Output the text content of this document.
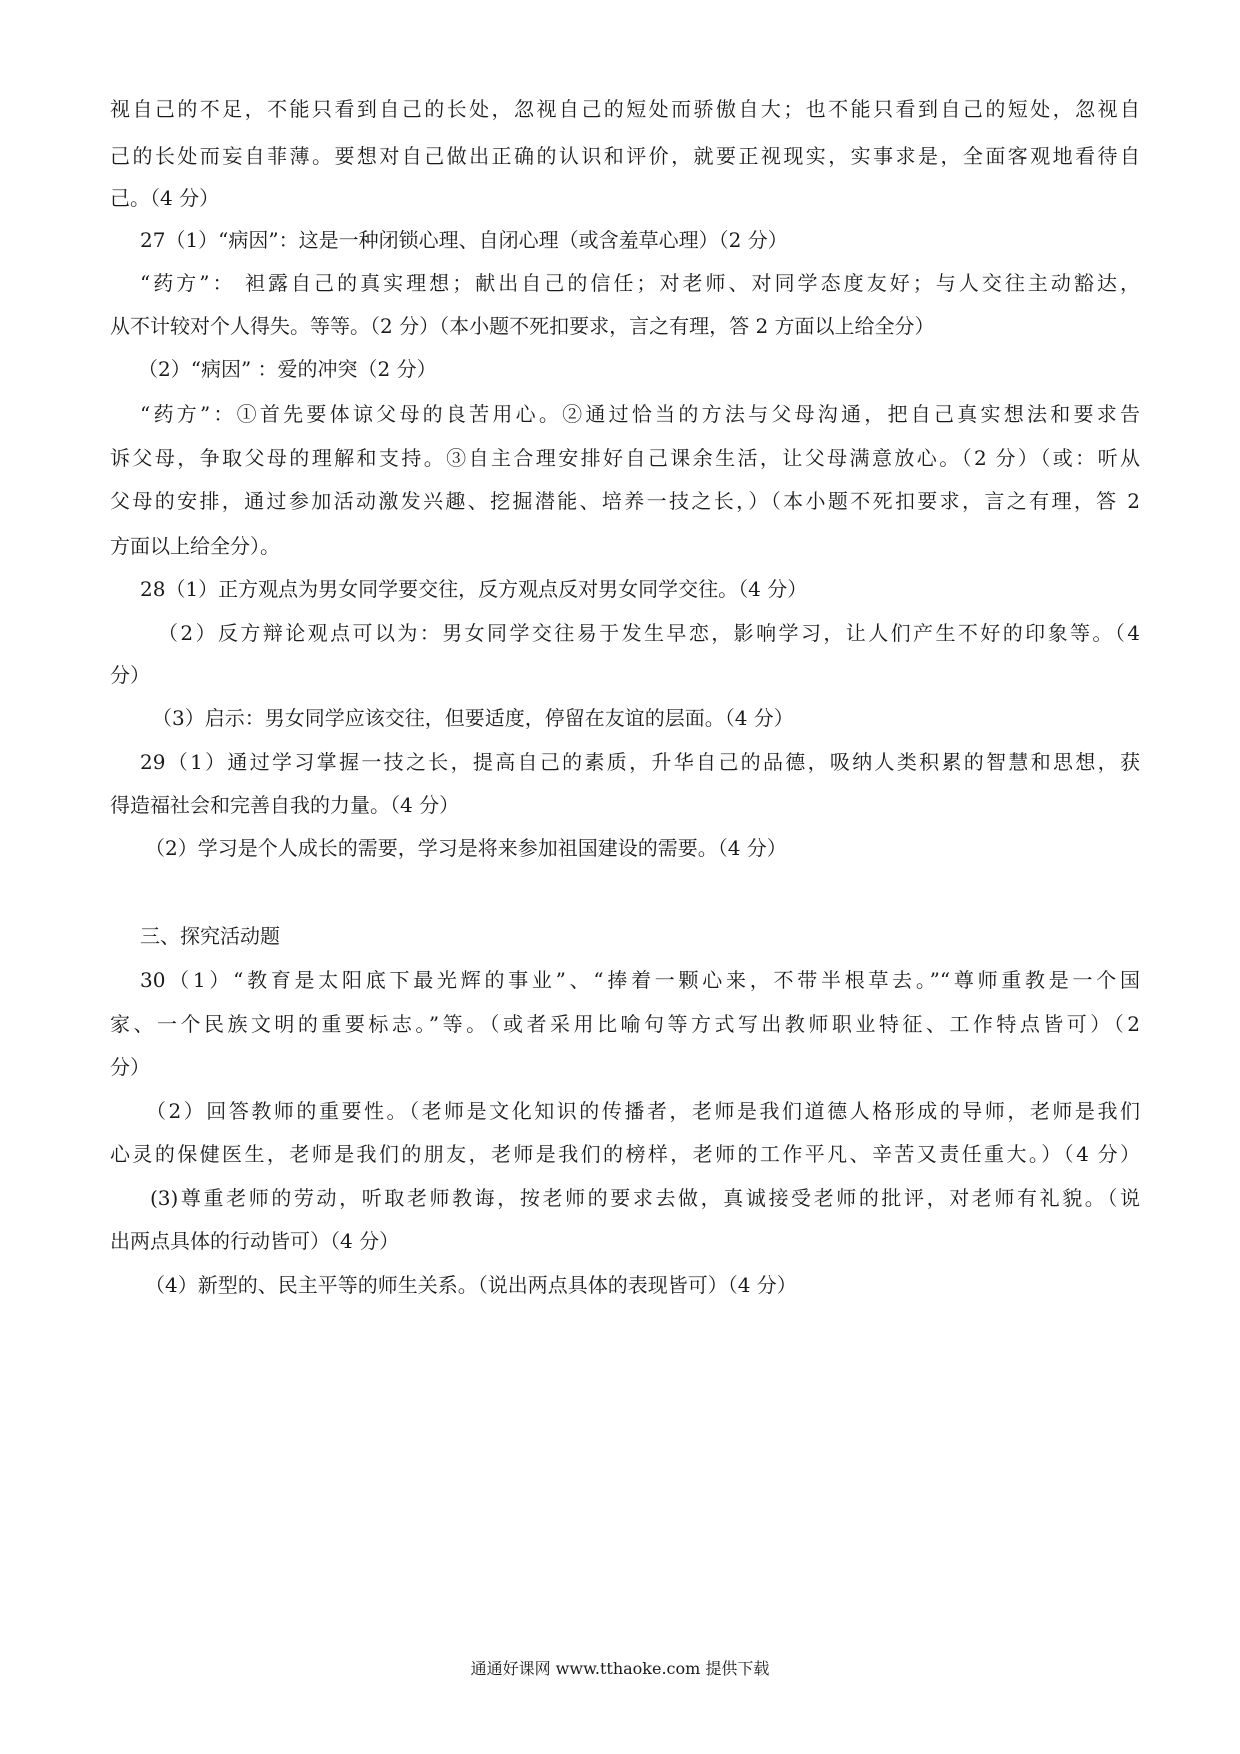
视自己的不足，不能只看到自己的长处，忽视自己的短处而骄傲自大；也不能只看到自己的短处，忽视自
己的长处而妄自菲薄。要想对自己做出正确的认识和评价，就要正视现实，实事求是，全面客观地看待自
己。（4 分）
27（1）“病因”：这是一种闭锁心理、自闭心理（或含羞草心理）（2 分）
“药方”： 袒露自己的真实理想；献出自己的信任；对老师、对同学态度友好；与人交往主动豁达，
从不计较对个人得失。等等。（2 分）（本小题不死扣要求，言之有理，答 2 方面以上给全分）
（2）“病因” ：爱的冲突（2 分）
“药方”：①首先要体谅父母的良苦用心。②通过恰当的方法与父母沟通，把自己真实想法和要求告
诉父母，争取父母的理解和支持。③自主合理安排好自己课余生活，让父母满意放心。（2 分）（或：听从
父母的安排，通过参加活动激发兴趣、挖掘潜能、培养一技之长，）（本小题不死扣要求，言之有理，答 2
方面以上给全分）。
28（1）正方观点为男女同学要交往，反方观点反对男女同学交往。（4 分）
（2）反方辩论观点可以为：男女同学交往易于发生早恋，影响学习，让人们产生不好的印象等。（4
分）
（3）启示：男女同学应该交往，但要适度，停留在友谊的层面。（4 分）
29（1）通过学习掌握一技之长，提高自己的素质，升华自己的品德，吸纳人类积累的智慧和思想，获
得造福社会和完善自我的力量。（4 分）
（2）学习是个人成长的需要，学习是将来参加祖国建设的需要。（4 分）
三、探究活动题
30（1）“教育是太阳底下最光辉的事业”、“捧着一颗心来，不带半根草去。”“尊师重教是一个国
家、一个民族文明的重要标志。”等。（或者采用比喻句等方式写出教师职业特征、工作特点皆可）（2
分）
（2）回答教师的重要性。（老师是文化知识的传播者，老师是我们道德人格形成的导师，老师是我们
心灵的保健医生，老师是我们的朋友，老师是我们的榜样，老师的工作平凡、辛苦又责任重大。）（4 分）
(3)尊重老师的劳动，听取老师教诲，按老师的要求去做，真诚接受老师的批评，对老师有礼貌。（说
出两点具体的行动皆可）（4 分）
（4）新型的、民主平等的师生关系。（说出两点具体的表现皆可）（4 分）
通通好课网 www.tthaoke.com 提供下载
